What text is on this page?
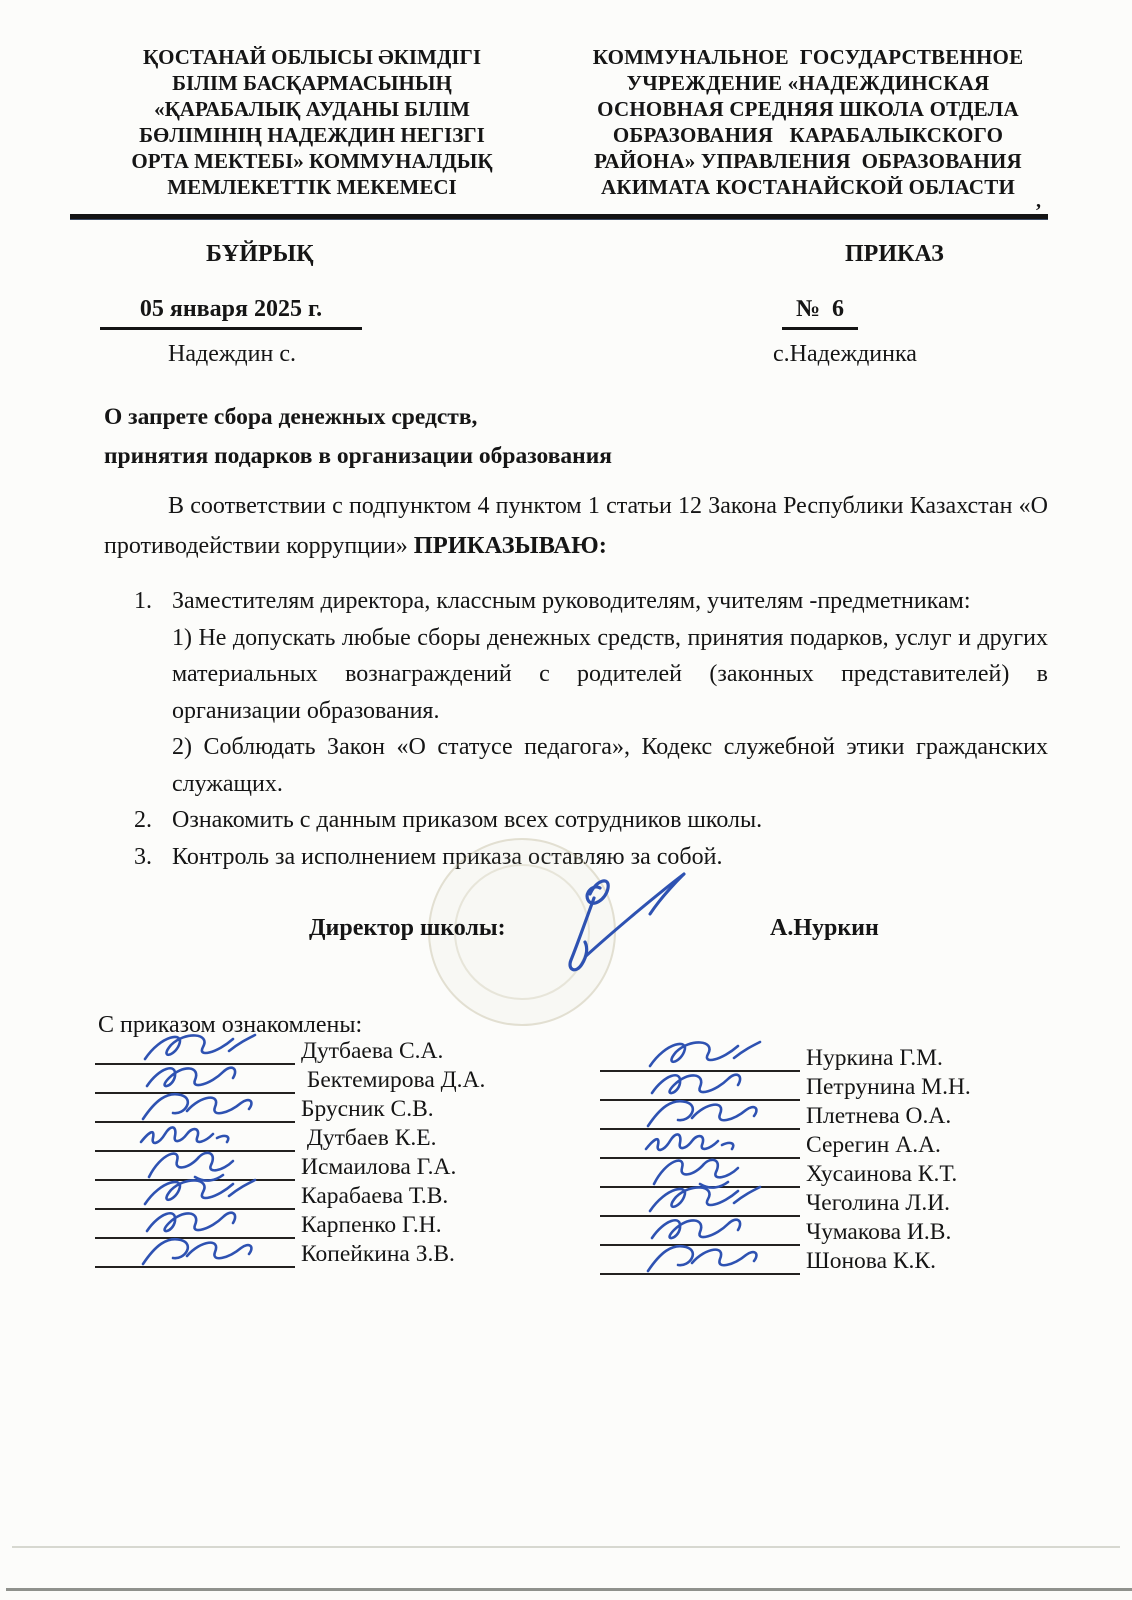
ҚОСТАНАЙ ОБЛЫСЫ ӘКІМДІГІ
БІЛІМ БАСҚАРМАСЫНЫҢ
«ҚАРАБАЛЫҚ АУДАНЫ БІЛІМ
БӨЛІМІНІҢ НАДЕЖДИН НЕГІЗГІ
ОРТА МЕКТЕБІ» КОММУНАЛДЫҚ
МЕМЛЕКЕТТІК МЕКЕМЕСІ
КОММУНАЛЬНОЕ  ГОСУДАРСТВЕННОЕ
УЧРЕЖДЕНИЕ «НАДЕЖДИНСКАЯ
ОСНОВНАЯ СРЕДНЯЯ ШКОЛА ОТДЕЛА
ОБРАЗОВАНИЯ   КАРАБАЛЫКСКОГО
РАЙОНА» УПРАВЛЕНИЯ  ОБРАЗОВАНИЯ
АКИМАТА КОСТАНАЙСКОЙ ОБЛАСТИ
,
БҰЙРЫҚ	ПРИКАЗ
05 января 2025 г.	№  6
Надеждин с.	с.Надеждинка
О запрете сбора денежных средств,
принятия подарков в организации образования
В соответствии с подпунктом 4 пунктом 1 статьи 12 Закона Республики Казахстан «О противодействии коррупции» ПРИКАЗЫВАЮ:
1. Заместителям директора, классным руководителям, учителям -предметникам:
1) Не допускать любые сборы денежных средств, принятия подарков, услуг и других материальных вознаграждений с родителей (законных представителей) в организации образования.
2) Соблюдать Закон «О статусе педагога», Кодекс служебной этики гражданских служащих.
2. Ознакомить с данным приказом всех сотрудников школы.
3. Контроль за исполнением приказа оставляю за собой.
Директор школы:	А.Нуркин
С приказом ознакомлены:
Дутбаева С.А.
Бектемирова Д.А.
Брусник С.В.
Дутбаев К.Е.
Исмаилова Г.А.
Карабаева Т.В.
Карпенко Г.Н.
Копейкина З.В.
Нуркина Г.М.
Петрунина М.Н.
Плетнева О.А.
Серегин А.А.
Хусаинова К.Т.
Чеголина Л.И.
Чумакова И.В.
Шонова К.К.
